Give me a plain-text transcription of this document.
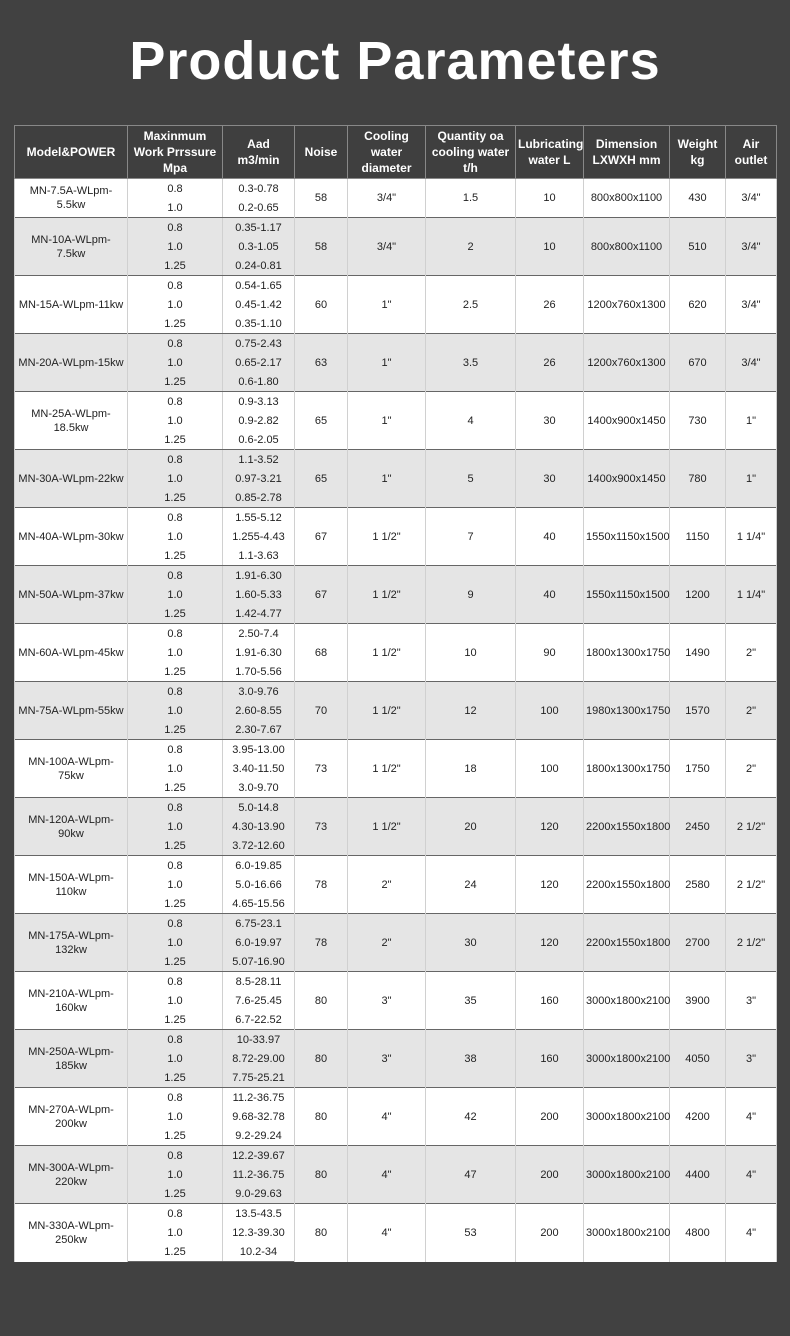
Product Parameters
Model&POWER	Maxinmum Work Prrssure Mpa	Aad m3/min	Noise	Cooling water diameter	Quantity oa cooling water t/h	Lubricating water L	Dimension LXWXH mm	Weight kg	Air outlet
MN-7.5A-WLpm-5.5kw	0.8	0.3-0.78	58	3/4"	1.5	10	800x800x1100	430	3/4"
	1.0	0.2-0.65							
MN-10A-WLpm-7.5kw	0.8	0.35-1.17	58	3/4"	2	10	800x800x1100	510	3/4"
	1.0	0.3-1.05							
	1.25	0.24-0.81							
MN-15A-WLpm-11kw	0.8	0.54-1.65	60	1"	2.5	26	1200x760x1300	620	3/4"
	1.0	0.45-1.42							
	1.25	0.35-1.10							
MN-20A-WLpm-15kw	0.8	0.75-2.43	63	1"	3.5	26	1200x760x1300	670	3/4"
	1.0	0.65-2.17							
	1.25	0.6-1.80							
MN-25A-WLpm-18.5kw	0.8	0.9-3.13	65	1"	4	30	1400x900x1450	730	1"
	1.0	0.9-2.82							
	1.25	0.6-2.05							
MN-30A-WLpm-22kw	0.8	1.1-3.52	65	1"	5	30	1400x900x1450	780	1"
	1.0	0.97-3.21							
	1.25	0.85-2.78							
MN-40A-WLpm-30kw	0.8	1.55-5.12	67	1 1/2"	7	40	1550x1150x1500	1150	1 1/4"
	1.0	1.255-4.43							
	1.25	1.1-3.63							
MN-50A-WLpm-37kw	0.8	1.91-6.30	67	1 1/2"	9	40	1550x1150x1500	1200	1 1/4"
	1.0	1.60-5.33							
	1.25	1.42-4.77							
MN-60A-WLpm-45kw	0.8	2.50-7.4	68	1 1/2"	10	90	1800x1300x1750	1490	2"
	1.0	1.91-6.30							
	1.25	1.70-5.56							
MN-75A-WLpm-55kw	0.8	3.0-9.76	70	1 1/2"	12	100	1980x1300x1750	1570	2"
	1.0	2.60-8.55							
	1.25	2.30-7.67							
MN-100A-WLpm-75kw	0.8	3.95-13.00	73	1 1/2"	18	100	1800x1300x1750	1750	2"
	1.0	3.40-11.50							
	1.25	3.0-9.70							
MN-120A-WLpm-90kw	0.8	5.0-14.8	73	1 1/2"	20	120	2200x1550x1800	2450	2 1/2"
	1.0	4.30-13.90							
	1.25	3.72-12.60							
MN-150A-WLpm-110kw	0.8	6.0-19.85	78	2"	24	120	2200x1550x1800	2580	2 1/2"
	1.0	5.0-16.66							
	1.25	4.65-15.56							
MN-175A-WLpm-132kw	0.8	6.75-23.1	78	2"	30	120	2200x1550x1800	2700	2 1/2"
	1.0	6.0-19.97							
	1.25	5.07-16.90							
MN-210A-WLpm-160kw	0.8	8.5-28.11	80	3"	35	160	3000x1800x2100	3900	3"
	1.0	7.6-25.45							
	1.25	6.7-22.52							
MN-250A-WLpm-185kw	0.8	10-33.97	80	3"	38	160	3000x1800x2100	4050	3"
	1.0	8.72-29.00							
	1.25	7.75-25.21							
MN-270A-WLpm-200kw	0.8	11.2-36.75	80	4"	42	200	3000x1800x2100	4200	4"
	1.0	9.68-32.78							
	1.25	9.2-29.24							
MN-300A-WLpm-220kw	0.8	12.2-39.67	80	4"	47	200	3000x1800x2100	4400	4"
	1.0	11.2-36.75							
	1.25	9.0-29.63							
MN-330A-WLpm-250kw	0.8	13.5-43.5	80	4"	53	200	3000x1800x2100	4800	4"
	1.0	12.3-39.30							
	1.25	10.2-34							
